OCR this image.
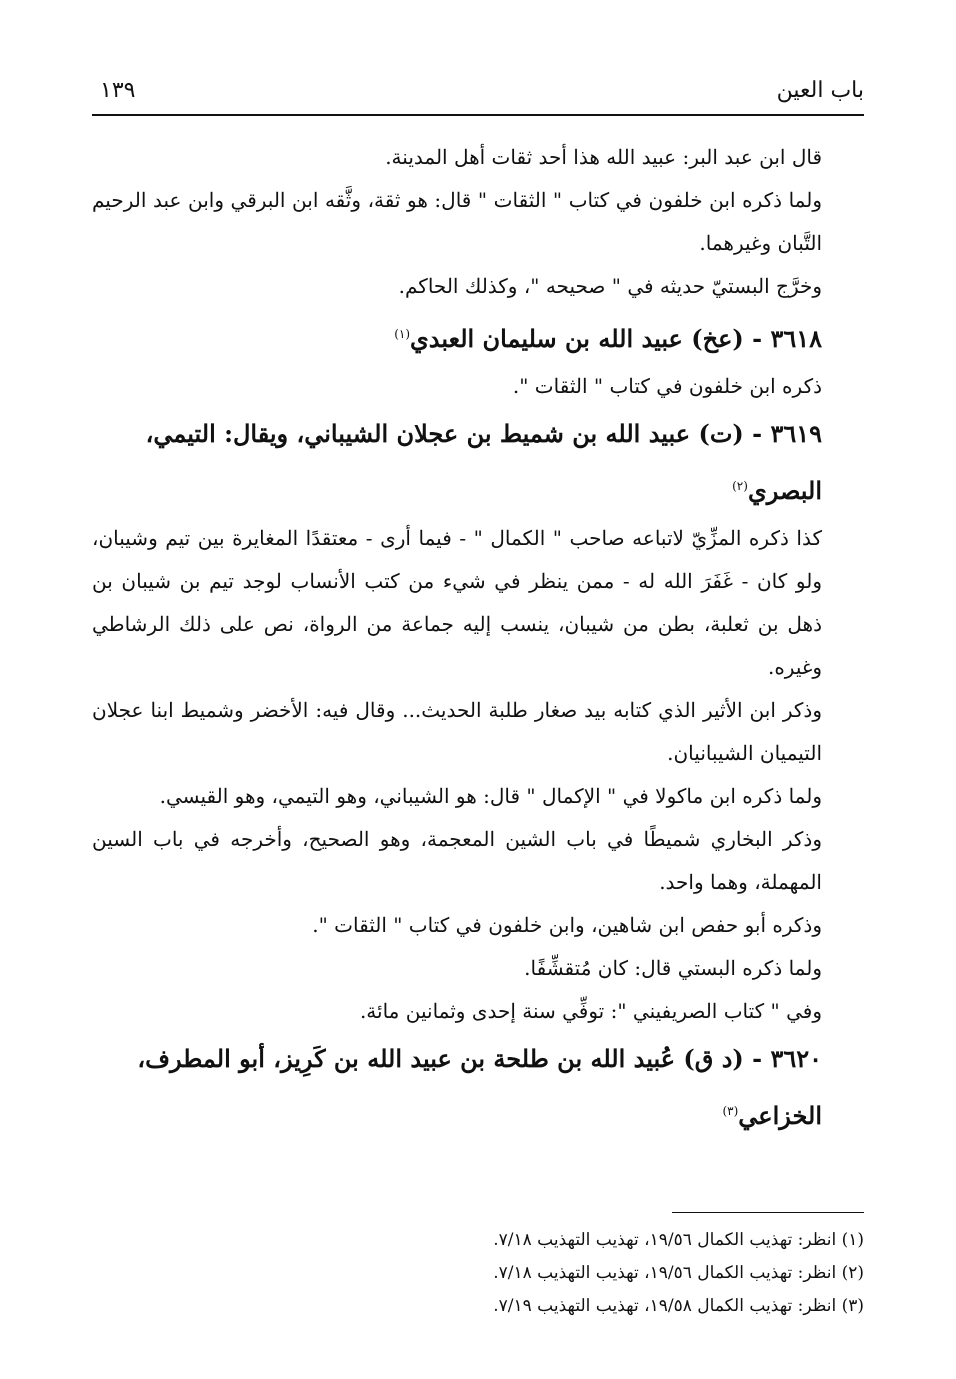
باب العين
١٣٩

قال ابن عبد البر: عبيد الله هذا أحد ثقات أهل المدينة.

ولما ذكره ابن خلفون في كتاب " الثقات " قال: هو ثقة، وثَّقه ابن البرقي وابن عبد الرحيم التَّبان وغيرهما.

وخرَّج البستيّ حديثه في " صحيحه "، وكذلك الحاكم.

٣٦١٨ - (عخ) عبيد الله بن سليمان العبدي$^{(١)}$

ذكره ابن خلفون في كتاب " الثقات ".

٣٦١٩ - (ت) عبيد الله بن شميط بن عجلان الشيباني، ويقال: التيمي، البصري$^{(٢)}$

كذا ذكره المزِّيّ لاتباعه صاحب " الكمال " - فيما أرى - معتقدًا المغايرة بين تيم وشيبان، ولو كان - غَفَرَ الله له - ممن ينظر في شيء من كتب الأنساب لوجد تيم بن شيبان بن ذهل بن ثعلبة، بطن من شيبان، ينسب إليه جماعة من الرواة، نص على ذلك الرشاطي وغيره.

وذكر ابن الأثير الذي كتابه بيد صغار طلبة الحديث... وقال فيه: الأخضر وشميط ابنا عجلان التيميان الشيبانيان.

ولما ذكره ابن ماكولا في " الإكمال " قال: هو الشيباني، وهو التيمي، وهو القيسي.

وذكر البخاري شميطًا في باب الشين المعجمة، وهو الصحيح، وأخرجه في باب السين المهملة، وهما واحد.

وذكره أبو حفص ابن شاهين، وابن خلفون في كتاب " الثقات ".

ولما ذكره البستي قال: كان مُتقشِّفًا.

وفي " كتاب الصريفيني ": توفِّي سنة إحدى وثمانين مائة.

٣٦٢٠ - (د ق) عُبيد الله بن طلحة بن عبيد الله بن كَرِيز، أبو المطرف، الخزاعي$^{(٣)}$

(١) انظر: تهذيب الكمال ١٩/٥٦، تهذيب التهذيب ٧/١٨.

(٢) انظر: تهذيب الكمال ١٩/٥٦، تهذيب التهذيب ٧/١٨.

(٣) انظر: تهذيب الكمال ١٩/٥٨، تهذيب التهذيب ٧/١٩.
